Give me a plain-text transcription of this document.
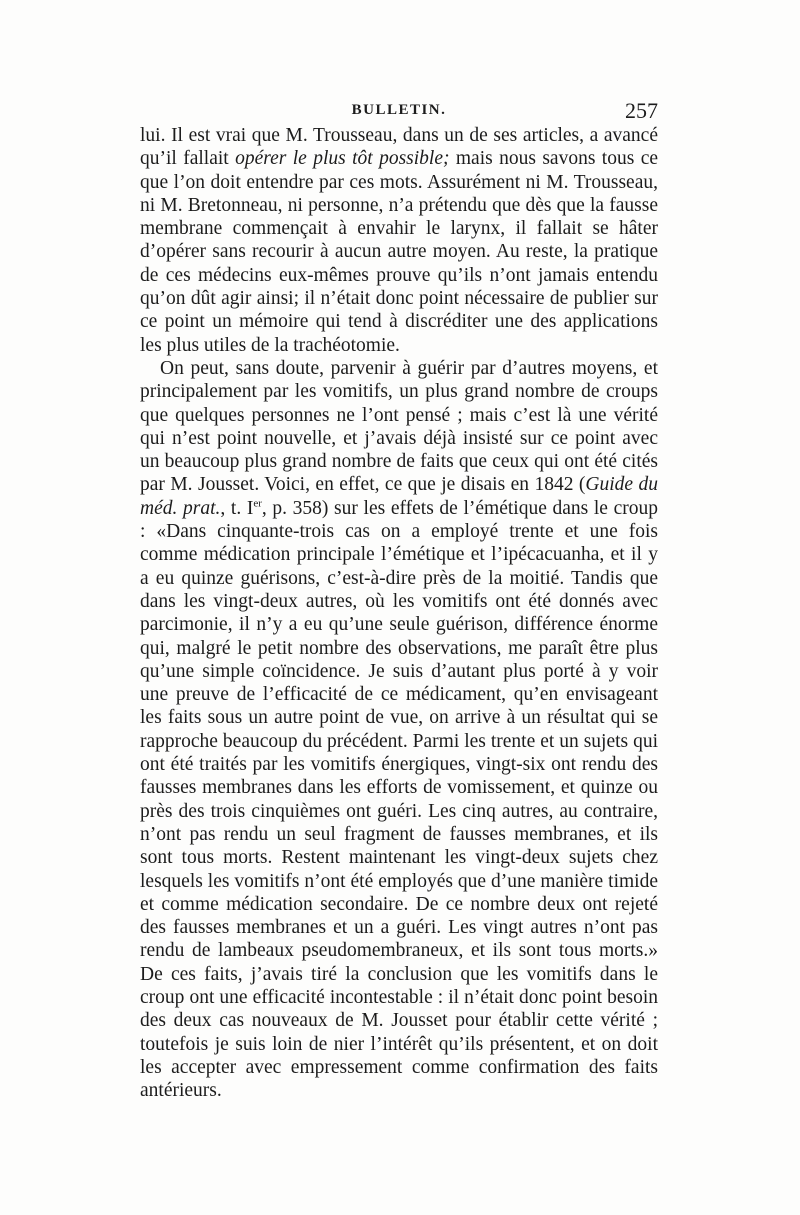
BULLETIN.	257

lui. Il est vrai que M. Trousseau, dans un de ses articles, a avancé qu’il fallait opérer le plus tôt possible; mais nous savons tous ce que l’on doit entendre par ces mots. Assurément ni M. Trousseau, ni M. Bretonneau, ni personne, n’a prétendu que dès que la fausse membrane commençait à envahir le larynx, il fallait se hâter d’opérer sans recourir à aucun autre moyen. Au reste, la pratique de ces médecins eux-mêmes prouve qu’ils n’ont jamais entendu qu’on dût agir ainsi; il n’était donc point nécessaire de publier sur ce point un mémoire qui tend à discréditer une des applications les plus utiles de la trachéotomie.

On peut, sans doute, parvenir à guérir par d’autres moyens, et principalement par les vomitifs, un plus grand nombre de croups que quelques personnes ne l’ont pensé ; mais c’est là une vérité qui n’est point nouvelle, et j’avais déjà insisté sur ce point avec un beaucoup plus grand nombre de faits que ceux qui ont été cités par M. Jousset. Voici, en effet, ce que je disais en 1842 (Guide du méd. prat., t. Ier, p. 358) sur les effets de l’émétique dans le croup : «Dans cinquante-trois cas on a employé trente et une fois comme médication principale l’émétique et l’ipécacuanha, et il y a eu quinze guérisons, c’est-à-dire près de la moitié. Tandis que dans les vingt-deux autres, où les vomitifs ont été donnés avec parcimonie, il n’y a eu qu’une seule guérison, différence énorme qui, malgré le petit nombre des observations, me paraît être plus qu’une simple coïncidence. Je suis d’autant plus porté à y voir une preuve de l’efficacité de ce médicament, qu’en envisageant les faits sous un autre point de vue, on arrive à un résultat qui se rapproche beaucoup du précédent. Parmi les trente et un sujets qui ont été traités par les vomitifs énergiques, vingt-six ont rendu des fausses membranes dans les efforts de vomissement, et quinze ou près des trois cinquièmes ont guéri. Les cinq autres, au contraire, n’ont pas rendu un seul fragment de fausses membranes, et ils sont tous morts. Restent maintenant les vingt-deux sujets chez lesquels les vomitifs n’ont été employés que d’une manière timide et comme médication secondaire. De ce nombre deux ont rejeté des fausses membranes et un a guéri. Les vingt autres n’ont pas rendu de lambeaux pseudomembraneux, et ils sont tous morts.» De ces faits, j’avais tiré la conclusion que les vomitifs dans le croup ont une efficacité incontestable : il n’était donc point besoin des deux cas nouveaux de M. Jousset pour établir cette vérité ; toutefois je suis loin de nier l’intérêt qu’ils présentent, et on doit les accepter avec empressement comme confirmation des faits antérieurs.
